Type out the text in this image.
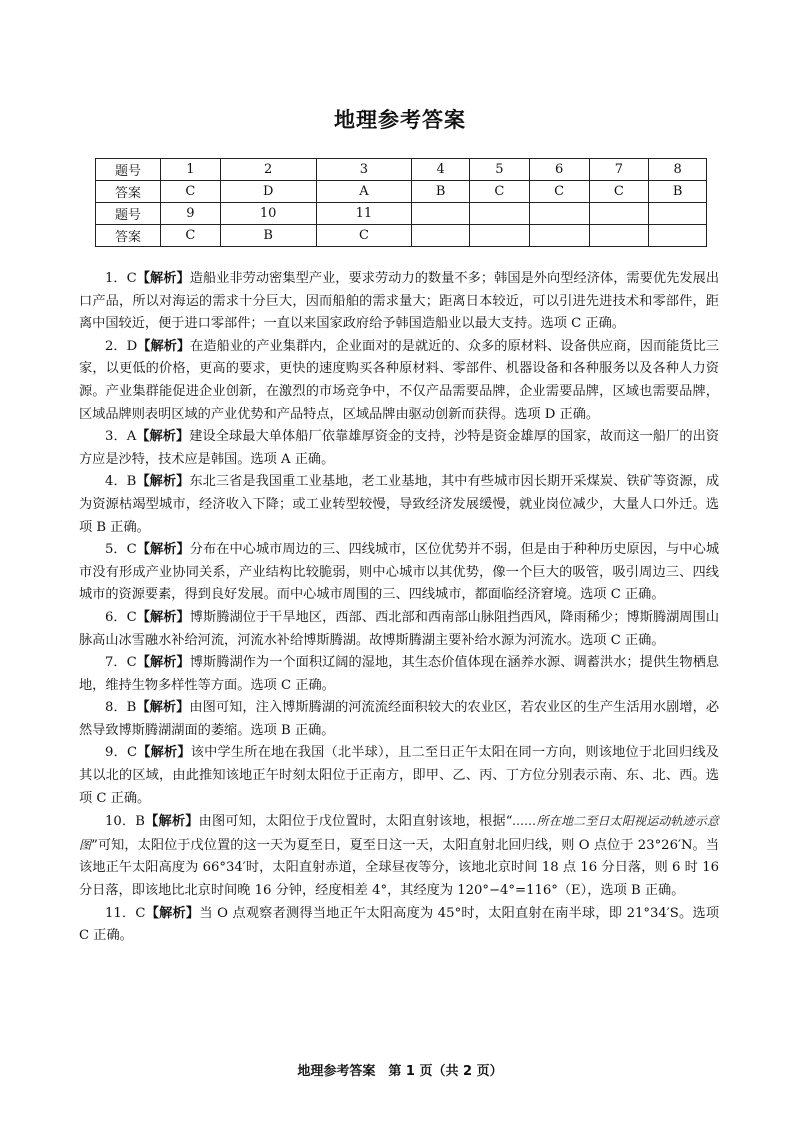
地理参考答案
题号	1	2	3	4	5	6	7	8
答案	C	D	A	B	C	C	C	B
题号	9	10	11					
答案	C	B	C					

1．C【解析】造船业非劳动密集型产业，要求劳动力的数量不多；韩国是外向型经济体，需要优先发展出口产品，所以对海运的需求十分巨大，因而船舶的需求量大；距离日本较近，可以引进先进技术和零部件，距离中国较近，便于进口零部件；一直以来国家政府给予韩国造船业以最大支持。选项 C 正确。

2．D【解析】在造船业的产业集群内，企业面对的是就近的、众多的原材料、设备供应商，因而能货比三家，以更低的价格，更高的要求，更快的速度购买各种原材料、零部件、机器设备和各种服务以及各种人力资源。产业集群能促进企业创新，在激烈的市场竞争中，不仅产品需要品牌，企业需要品牌，区域也需要品牌，区域品牌则表明区域的产业优势和产品特点，区域品牌由驱动创新而获得。选项 D 正确。

3．A【解析】建设全球最大单体船厂依靠雄厚资金的支持，沙特是资金雄厚的国家，故而这一船厂的出资方应是沙特，技术应是韩国。选项 A 正确。

4．B【解析】东北三省是我国重工业基地，老工业基地，其中有些城市因长期开采煤炭、铁矿等资源，成为资源枯竭型城市，经济收入下降；或工业转型较慢，导致经济发展缓慢，就业岗位减少，大量人口外迁。选项 B 正确。

5．C【解析】分布在中心城市周边的三、四线城市，区位优势并不弱，但是由于种种历史原因，与中心城市没有形成产业协同关系，产业结构比较脆弱，则中心城市以其优势，像一个巨大的吸管，吸引周边三、四线城市的资源要素，得到良好发展。而中心城市周围的三、四线城市，都面临经济窘境。选项 C 正确。

6．C【解析】博斯腾湖位于干旱地区，西部、西北部和西南部山脉阻挡西风，降雨稀少；博斯腾湖周围山脉高山冰雪融水补给河流，河流水补给博斯腾湖。故博斯腾湖主要补给水源为河流水。选项 C 正确。

7．C【解析】博斯腾湖作为一个面积辽阔的湿地，其生态价值体现在涵养水源、调蓄洪水；提供生物栖息地，维持生物多样性等方面。选项 C 正确。

8．B【解析】由图可知，注入博斯腾湖的河流流经面积较大的农业区，若农业区的生产生活用水剧增，必然导致博斯腾湖湖面的萎缩。选项 B 正确。

9．C【解析】该中学生所在地在我国（北半球），且二至日正午太阳在同一方向，则该地位于北回归线及其以北的区域，由此推知该地正午时刻太阳位于正南方，即甲、乙、丙、丁方位分别表示南、东、北、西。选项 C 正确。

10．B【解析】由图可知，太阳位于戊位置时，太阳直射该地，根据“……所在地二至日太阳视运动轨迹示意图”可知，太阳位于戊位置的这一天为夏至日，夏至日这一天，太阳直射北回归线，则 O 点位于 23°26′N。当该地正午太阳高度为 66°34′时，太阳直射赤道，全球昼夜等分，该地北京时间 18 点 16 分日落，则 6 时 16 分日落，即该地比北京时间晚 16 分钟，经度相差 4°，其经度为 120°−4°=116°（E），选项 B 正确。

11．C【解析】当 O 点观察者测得当地正午太阳高度为 45°时，太阳直射在南半球，即 21°34′S。选项 C 正确。

地理参考答案　第 1 页（共 2 页）
